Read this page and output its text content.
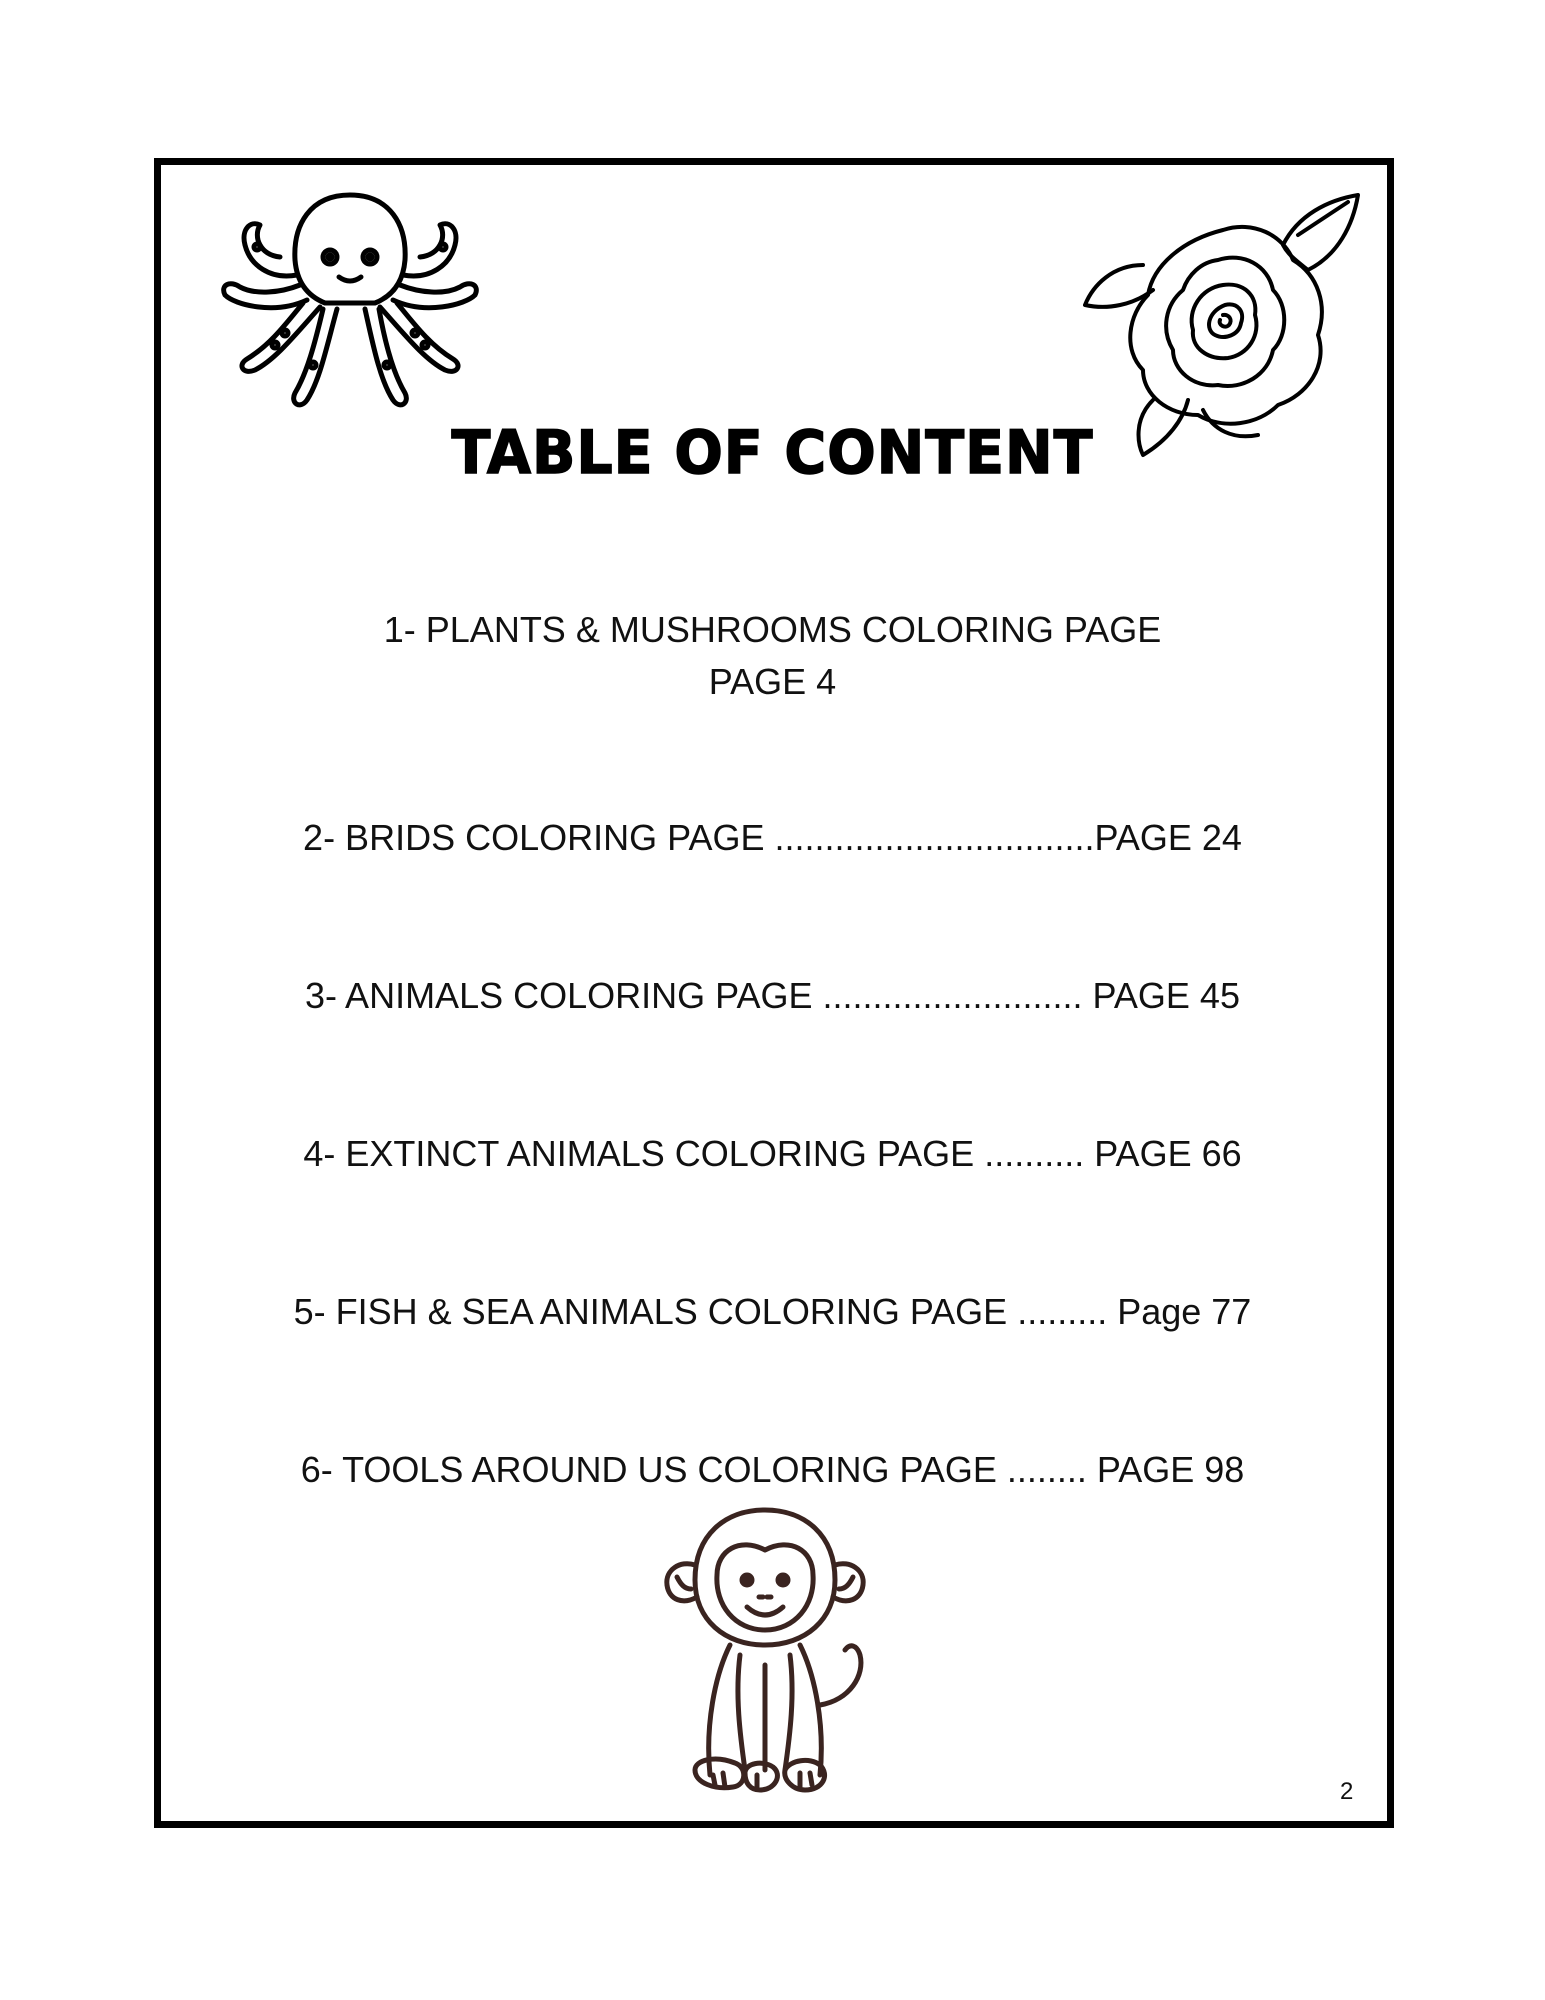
TABLE OF CONTENT
1- PLANTS & MUSHROOMS COLORING PAGE
PAGE 4
2- BRIDS COLORING PAGE ................................PAGE 24
3- ANIMALS COLORING PAGE .......................... PAGE 45
4- EXTINCT ANIMALS COLORING PAGE .......... PAGE 66
5- FISH & SEA ANIMALS COLORING PAGE ......... Page 77
6- TOOLS AROUND US COLORING PAGE ........ PAGE 98
2
